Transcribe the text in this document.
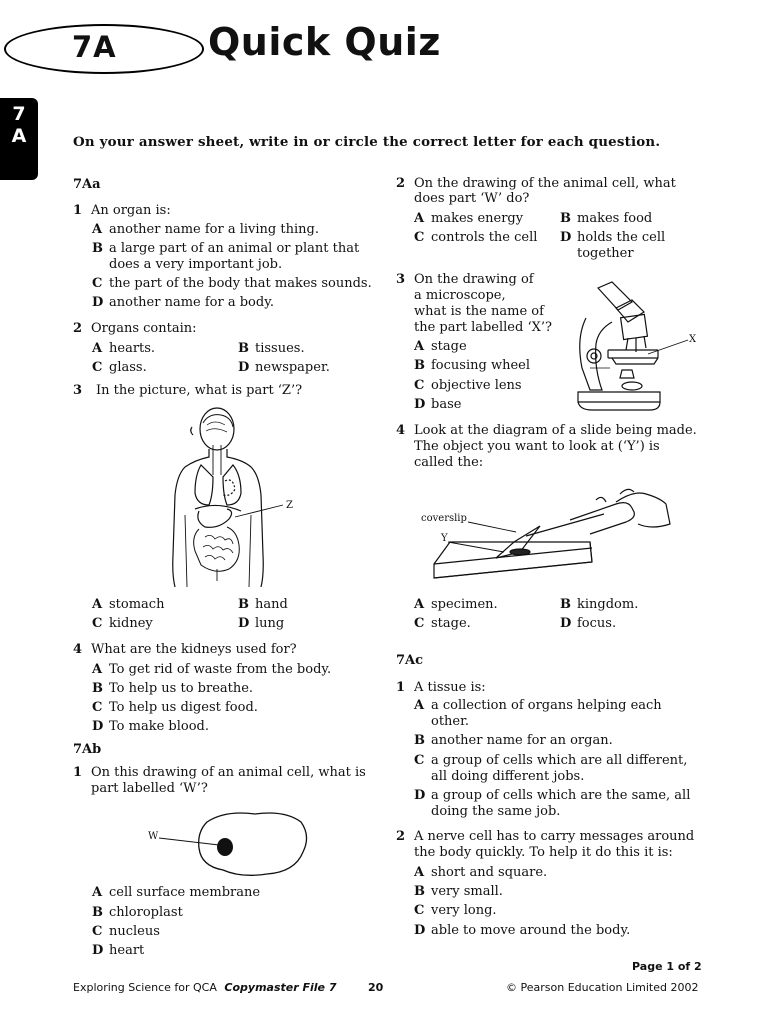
7A Quick Quiz
7
A	On your answer sheet, write in or circle the correct letter for each question.
7Aa
1 An organ is:
A another name for a living thing.
B a large part of an animal or plant that
does a very important job.
C the part of the body that makes sounds.
D another name for a body.
2 Organs contain:
A hearts.	B tissues.
C glass.	D newspaper.
3 In the picture, what is part ‘Z’?
Z
A stomach	B hand
C kidney	D lung
4 What are the kidneys used for?
A To get rid of waste from the body.
B To help us to breathe.
C To help us digest food.
D To make blood.
7Ab
1 On this drawing of an animal cell, what is
part labelled ‘W’?
W
A cell surface membrane
B chloroplast
C nucleus
D heart
2 On the drawing of the animal cell, what
does part ‘W’ do?
A makes energy	B makes food
C controls the cell D holds the cell
together
3 On the drawing of
a microscope,
what is the name of
the part labelled ‘X’?
A stage
B focusing wheel
C objective lens
D base
X
4 Look at the diagram of a slide being made.
The object you want to look at (‘Y’) is
called the:
coverslip
Y
A specimen.	B kingdom.
C stage.	D focus.
7Ac
1 A tissue is:
A a collection of organs helping each
other.
B another name for an organ.
C a group of cells which are all different,
all doing different jobs.
D a group of cells which are the same, all
doing the same job.
2 A nerve cell has to carry messages around
the body quickly. To help it do this it is:
A short and square.
B very small.
C very long.
D able to move around the body.
Page 1 of 2
Exploring Science for QCA Copymaster File 7	20	© Pearson Education Limited 2002
